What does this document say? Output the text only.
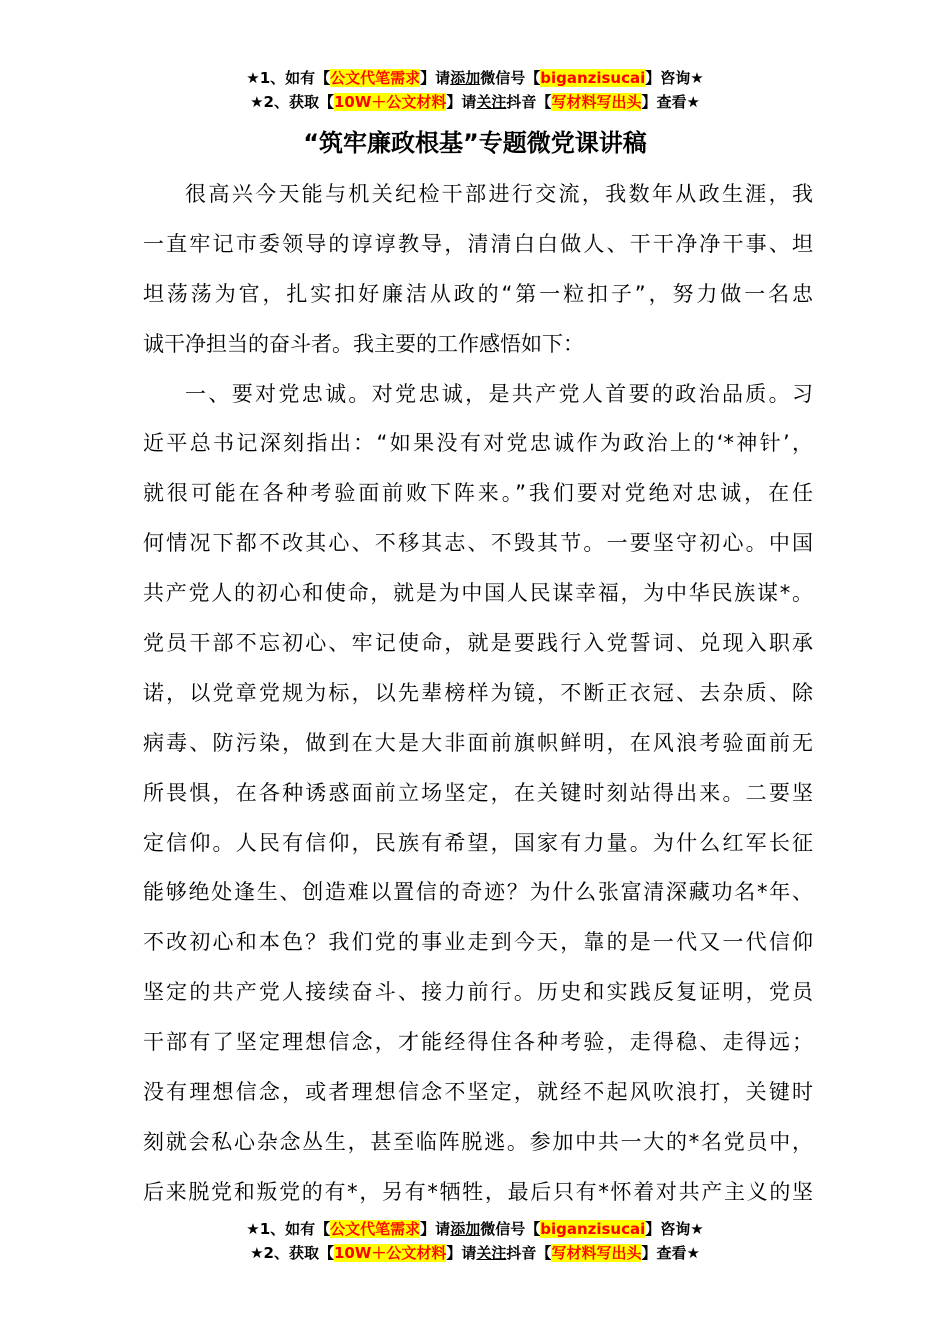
★1、如有【公文代笔需求】请添加微信号【biganzisucai】咨询★
★2、获取【10W＋公文材料】请关注抖音【写材料写出头】查看★
“筑牢廉政根基”专题微党课讲稿
很高兴今天能与机关纪检干部进行交流，我数年从政生涯，我
一直牢记市委领导的谆谆教导，清清白白做人、干干净净干事、坦
坦荡荡为官，扎实扣好廉洁从政的“第一粒扣子”，努力做一名忠
诚干净担当的奋斗者。我主要的工作感悟如下：
一、要对党忠诚。对党忠诚，是共产党人首要的政治品质。习
近平总书记深刻指出：“如果没有对党忠诚作为政治上的‘*神针’，
就很可能在各种考验面前败下阵来。”我们要对党绝对忠诚，在任
何情况下都不改其心、不移其志、不毁其节。一要坚守初心。中国
共产党人的初心和使命，就是为中国人民谋幸福，为中华民族谋*。
党员干部不忘初心、牢记使命，就是要践行入党誓词、兑现入职承
诺，以党章党规为标，以先辈榜样为镜，不断正衣冠、去杂质、除
病毒、防污染，做到在大是大非面前旗帜鲜明，在风浪考验面前无
所畏惧，在各种诱惑面前立场坚定，在关键时刻站得出来。二要坚
定信仰。人民有信仰，民族有希望，国家有力量。为什么红军长征
能够绝处逢生、创造难以置信的奇迹？为什么张富清深藏功名*年、
不改初心和本色？我们党的事业走到今天，靠的是一代又一代信仰
坚定的共产党人接续奋斗、接力前行。历史和实践反复证明，党员
干部有了坚定理想信念，才能经得住各种考验，走得稳、走得远；
没有理想信念，或者理想信念不坚定，就经不起风吹浪打，关键时
刻就会私心杂念丛生，甚至临阵脱逃。参加中共一大的*名党员中，
后来脱党和叛党的有*，另有*牺牲，最后只有*怀着对共产主义的坚
★1、如有【公文代笔需求】请添加微信号【biganzisucai】咨询★
★2、获取【10W＋公文材料】请关注抖音【写材料写出头】查看★
